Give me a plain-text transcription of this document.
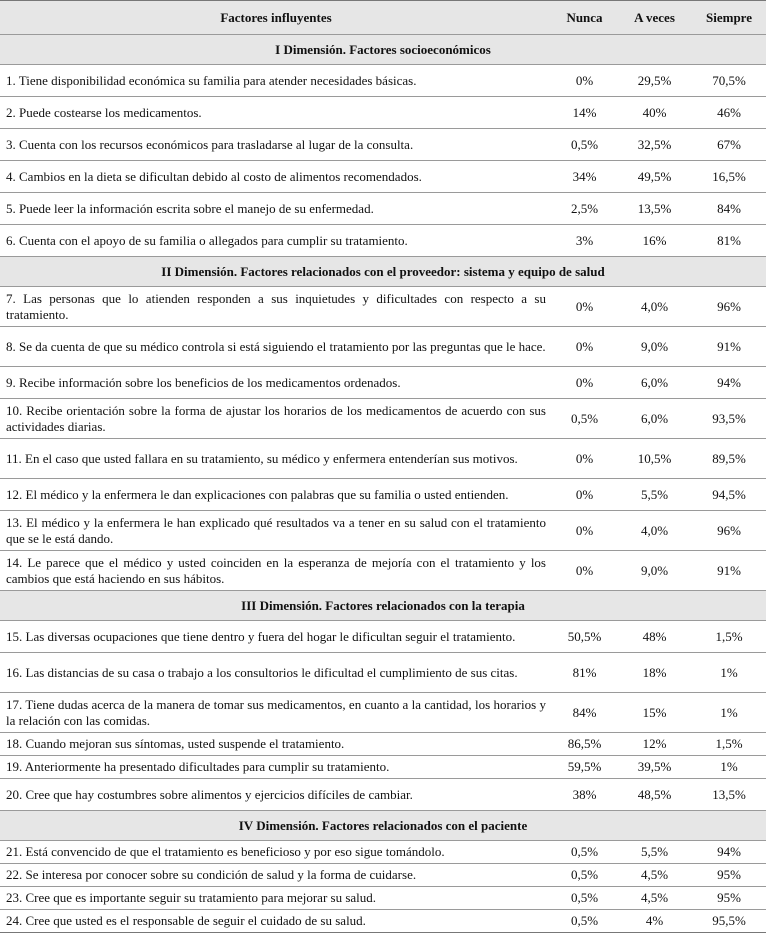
Factores influyentes	Nunca	A veces	Siempre
I Dimensión. Factores socioeconómicos			
1. Tiene disponibilidad económica su familia para atender necesidades básicas.	0%	29,5%	70,5%
2. Puede costearse los medicamentos.	14%	40%	46%
3. Cuenta con los recursos económicos para trasladarse al lugar de la consulta.	0,5%	32,5%	67%
4. Cambios en la dieta se dificultan debido al costo de alimentos recomendados.	34%	49,5%	16,5%
5. Puede leer la información escrita sobre el manejo de su enfermedad.	2,5%	13,5%	84%
6. Cuenta con el apoyo de su familia o allegados para cumplir su tratamiento.	3%	16%	81%
II Dimensión. Factores relacionados con el proveedor: sistema y equipo de salud			
7. Las personas que lo atienden responden a sus inquietudes y dificultades con respecto a su tratamiento.	0%	4,0%	96%
8. Se da cuenta de que su médico controla si está siguiendo el tratamiento por las preguntas que le hace.	0%	9,0%	91%
9. Recibe información sobre los beneficios de los medicamentos ordenados.	0%	6,0%	94%
10. Recibe orientación sobre la forma de ajustar los horarios de los medicamentos de acuerdo con sus actividades diarias.	0,5%	6,0%	93,5%
11. En el caso que usted fallara en su tratamiento, su médico y enfermera entenderían sus motivos.	0%	10,5%	89,5%
12. El médico y la enfermera le dan explicaciones con palabras que su familia o usted entienden.	0%	5,5%	94,5%
13. El médico y la enfermera le han explicado qué resultados va a tener en su salud con el tratamiento que se le está dando.	0%	4,0%	96%
14. Le parece que el médico y usted coinciden en la esperanza de mejoría con el tratamiento y los cambios que está haciendo en sus hábitos.	0%	9,0%	91%
III Dimensión. Factores relacionados con la terapia			
15. Las diversas ocupaciones que tiene dentro y fuera del hogar le dificultan seguir el tratamiento.	50,5%	48%	1,5%
16. Las distancias de su casa o trabajo a los consultorios le dificultad el cumplimiento de sus citas.	81%	18%	1%
17. Tiene dudas acerca de la manera de tomar sus medicamentos, en cuanto a la cantidad, los horarios y la relación con las comidas.	84%	15%	1%
18. Cuando mejoran sus síntomas, usted suspende el tratamiento.	86,5%	12%	1,5%
19. Anteriormente ha presentado dificultades para cumplir su tratamiento.	59,5%	39,5%	1%
20. Cree que hay costumbres sobre alimentos y ejercicios difíciles de cambiar.	38%	48,5%	13,5%
IV Dimensión. Factores relacionados con el paciente			
21. Está convencido de que el tratamiento es beneficioso y por eso sigue tomándolo.	0,5%	5,5%	94%
22. Se interesa por conocer sobre su condición de salud y la forma de cuidarse.	0,5%	4,5%	95%
23. Cree que es importante seguir su tratamiento para mejorar su salud.	0,5%	4,5%	95%
24. Cree que usted es el responsable de seguir el cuidado de su salud.	0,5%	4%	95,5%
